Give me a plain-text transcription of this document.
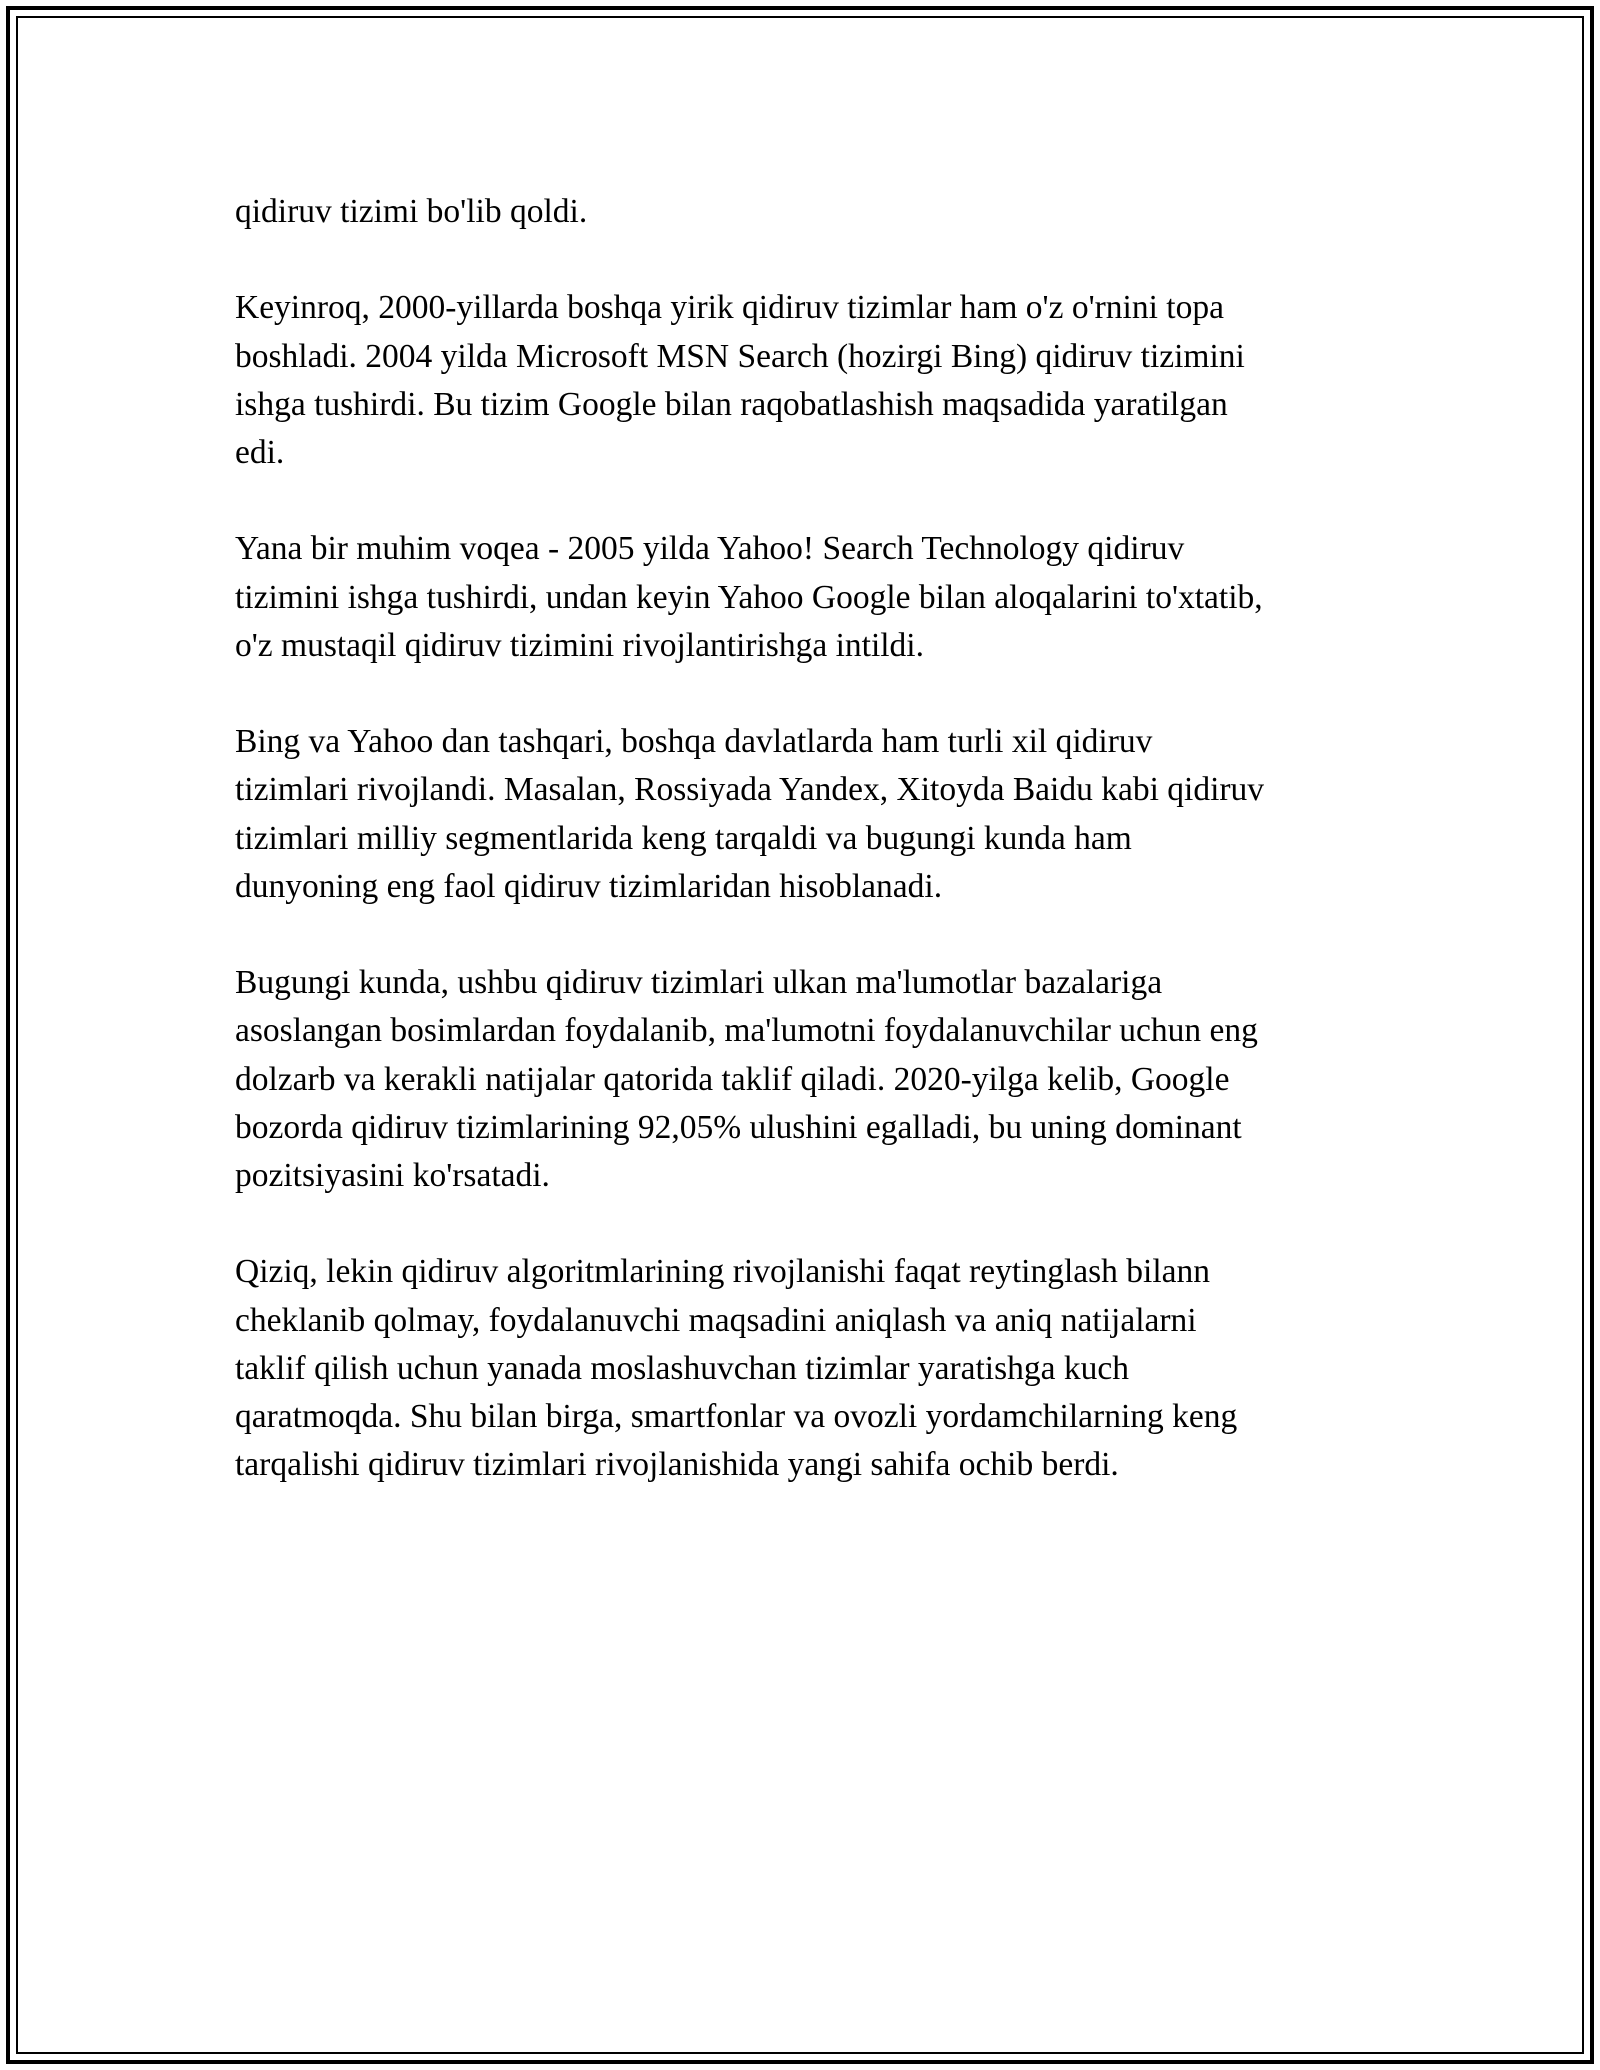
qidiruv tizimi bo'lib qoldi.

Keyinroq, 2000-yillarda boshqa yirik qidiruv tizimlar ham o'z o'rnini topa
boshladi. 2004 yilda Microsoft MSN Search (hozirgi Bing) qidiruv tizimini
ishga tushirdi. Bu tizim Google bilan raqobatlashish maqsadida yaratilgan
edi.

Yana bir muhim voqea - 2005 yilda Yahoo! Search Technology qidiruv
tizimini ishga tushirdi, undan keyin Yahoo Google bilan aloqalarini to'xtatib,
o'z mustaqil qidiruv tizimini rivojlantirishga intildi.

Bing va Yahoo dan tashqari, boshqa davlatlarda ham turli xil qidiruv
tizimlari rivojlandi. Masalan, Rossiyada Yandex, Xitoyda Baidu kabi qidiruv
tizimlari milliy segmentlarida keng tarqaldi va bugungi kunda ham
dunyoning eng faol qidiruv tizimlaridan hisoblanadi.

Bugungi kunda, ushbu qidiruv tizimlari ulkan ma'lumotlar bazalariga
asoslangan bosimlardan foydalanib, ma'lumotni foydalanuvchilar uchun eng
dolzarb va kerakli natijalar qatorida taklif qiladi. 2020-yilga kelib, Google
bozorda qidiruv tizimlarining 92,05% ulushini egalladi, bu uning dominant
pozitsiyasini ko'rsatadi.

Qiziq, lekin qidiruv algoritmlarining rivojlanishi faqat reytinglash bilann
cheklanib qolmay, foydalanuvchi maqsadini aniqlash va aniq natijalarni
taklif qilish uchun yanada moslashuvchan tizimlar yaratishga kuch
qaratmoqda. Shu bilan birga, smartfonlar va ovozli yordamchilarning keng
tarqalishi qidiruv tizimlari rivojlanishida yangi sahifa ochib berdi.
